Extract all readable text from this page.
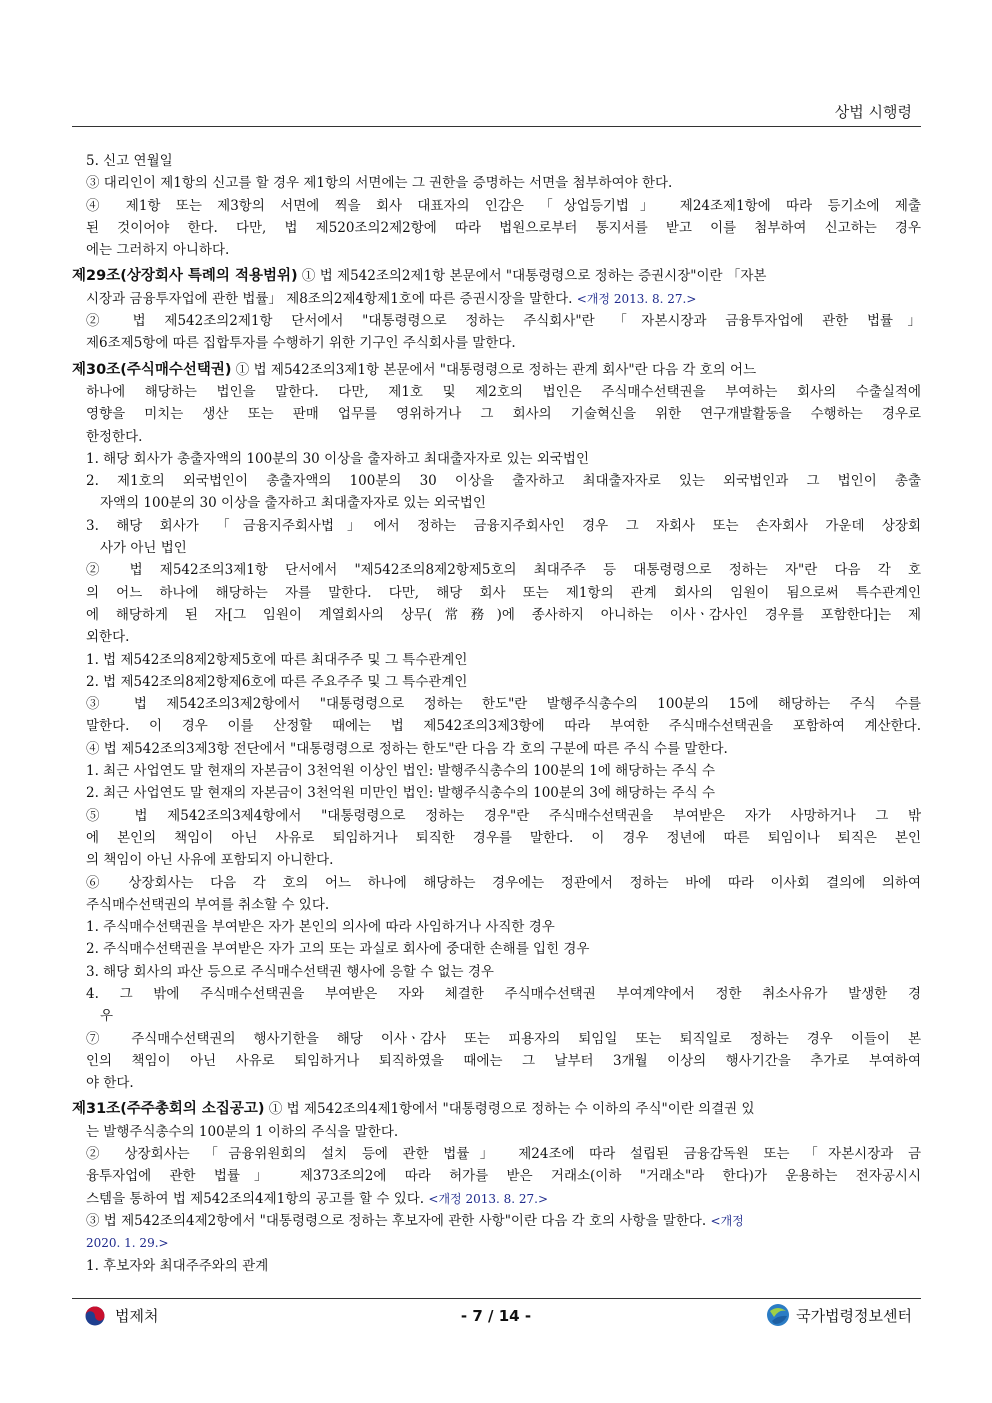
상법 시행령
5. 신고 연월일
③ 대리인이 제1항의 신고를 할 경우 제1항의 서면에는 그 권한을 증명하는 서면을 첨부하여야 한다.
④ 제1항 또는 제3항의 서면에 찍을 회사 대표자의 인감은 「상업등기법」 제24조제1항에 따라 등기소에 제출
된 것이어야 한다. 다만, 법 제520조의2제2항에 따라 법원으로부터 통지서를 받고 이를 첨부하여 신고하는 경우
에는 그러하지 아니하다.
제29조(상장회사 특례의 적용범위) ① 법 제542조의2제1항 본문에서 "대통령령으로 정하는 증권시장"이란 「자본
시장과 금융투자업에 관한 법률」 제8조의2제4항제1호에 따른 증권시장을 말한다. <개정 2013. 8. 27.>
② 법 제542조의2제1항 단서에서 "대통령령으로 정하는 주식회사"란 「자본시장과 금융투자업에 관한 법률」
제6조제5항에 따른 집합투자를 수행하기 위한 기구인 주식회사를 말한다.
제30조(주식매수선택권) ① 법 제542조의3제1항 본문에서 "대통령령으로 정하는 관계 회사"란 다음 각 호의 어느
하나에 해당하는 법인을 말한다. 다만, 제1호 및 제2호의 법인은 주식매수선택권을 부여하는 회사의 수출실적에
영향을 미치는 생산 또는 판매 업무를 영위하거나 그 회사의 기술혁신을 위한 연구개발활동을 수행하는 경우로
한정한다.
1. 해당 회사가 총출자액의 100분의 30 이상을 출자하고 최대출자자로 있는 외국법인
2. 제1호의 외국법인이 총출자액의 100분의 30 이상을 출자하고 최대출자자로 있는 외국법인과 그 법인이 총출
자액의 100분의 30 이상을 출자하고 최대출자자로 있는 외국법인
3. 해당 회사가 「금융지주회사법」에서 정하는 금융지주회사인 경우 그 자회사 또는 손자회사 가운데 상장회
사가 아닌 법인
② 법 제542조의3제1항 단서에서 "제542조의8제2항제5호의 최대주주 등 대통령령으로 정하는 자"란 다음 각 호
의 어느 하나에 해당하는 자를 말한다. 다만, 해당 회사 또는 제1항의 관계 회사의 임원이 됨으로써 특수관계인
에 해당하게 된 자[그 임원이 계열회사의 상무(常務)에 종사하지 아니하는 이사ㆍ감사인 경우를 포함한다]는 제
외한다.
1. 법 제542조의8제2항제5호에 따른 최대주주 및 그 특수관계인
2. 법 제542조의8제2항제6호에 따른 주요주주 및 그 특수관계인
③ 법 제542조의3제2항에서 "대통령령으로 정하는 한도"란 발행주식총수의 100분의 15에 해당하는 주식 수를
말한다. 이 경우 이를 산정할 때에는 법 제542조의3제3항에 따라 부여한 주식매수선택권을 포함하여 계산한다.
④ 법 제542조의3제3항 전단에서 "대통령령으로 정하는 한도"란 다음 각 호의 구분에 따른 주식 수를 말한다.
1. 최근 사업연도 말 현재의 자본금이 3천억원 이상인 법인: 발행주식총수의 100분의 1에 해당하는 주식 수
2. 최근 사업연도 말 현재의 자본금이 3천억원 미만인 법인: 발행주식총수의 100분의 3에 해당하는 주식 수
⑤ 법 제542조의3제4항에서 "대통령령으로 정하는 경우"란 주식매수선택권을 부여받은 자가 사망하거나 그 밖
에 본인의 책임이 아닌 사유로 퇴임하거나 퇴직한 경우를 말한다. 이 경우 정년에 따른 퇴임이나 퇴직은 본인
의 책임이 아닌 사유에 포함되지 아니한다.
⑥ 상장회사는 다음 각 호의 어느 하나에 해당하는 경우에는 정관에서 정하는 바에 따라 이사회 결의에 의하여
주식매수선택권의 부여를 취소할 수 있다.
1. 주식매수선택권을 부여받은 자가 본인의 의사에 따라 사임하거나 사직한 경우
2. 주식매수선택권을 부여받은 자가 고의 또는 과실로 회사에 중대한 손해를 입힌 경우
3. 해당 회사의 파산 등으로 주식매수선택권 행사에 응할 수 없는 경우
4. 그 밖에 주식매수선택권을 부여받은 자와 체결한 주식매수선택권 부여계약에서 정한 취소사유가 발생한 경
우
⑦ 주식매수선택권의 행사기한을 해당 이사ㆍ감사 또는 피용자의 퇴임일 또는 퇴직일로 정하는 경우 이들이 본
인의 책임이 아닌 사유로 퇴임하거나 퇴직하였을 때에는 그 날부터 3개월 이상의 행사기간을 추가로 부여하여
야 한다.
제31조(주주총회의 소집공고) ① 법 제542조의4제1항에서 "대통령령으로 정하는 수 이하의 주식"이란 의결권 있
는 발행주식총수의 100분의 1 이하의 주식을 말한다.
② 상장회사는 「금융위원회의 설치 등에 관한 법률」 제24조에 따라 설립된 금융감독원 또는 「자본시장과 금
융투자업에 관한 법률」 제373조의2에 따라 허가를 받은 거래소(이하 "거래소"라 한다)가 운용하는 전자공시시
스템을 통하여 법 제542조의4제1항의 공고를 할 수 있다. <개정 2013. 8. 27.>
③ 법 제542조의4제2항에서 "대통령령으로 정하는 후보자에 관한 사항"이란 다음 각 호의 사항을 말한다. <개정
2020. 1. 29.>
1. 후보자와 최대주주와의 관계
법제처	- 7 / 14 -	국가법령정보센터
